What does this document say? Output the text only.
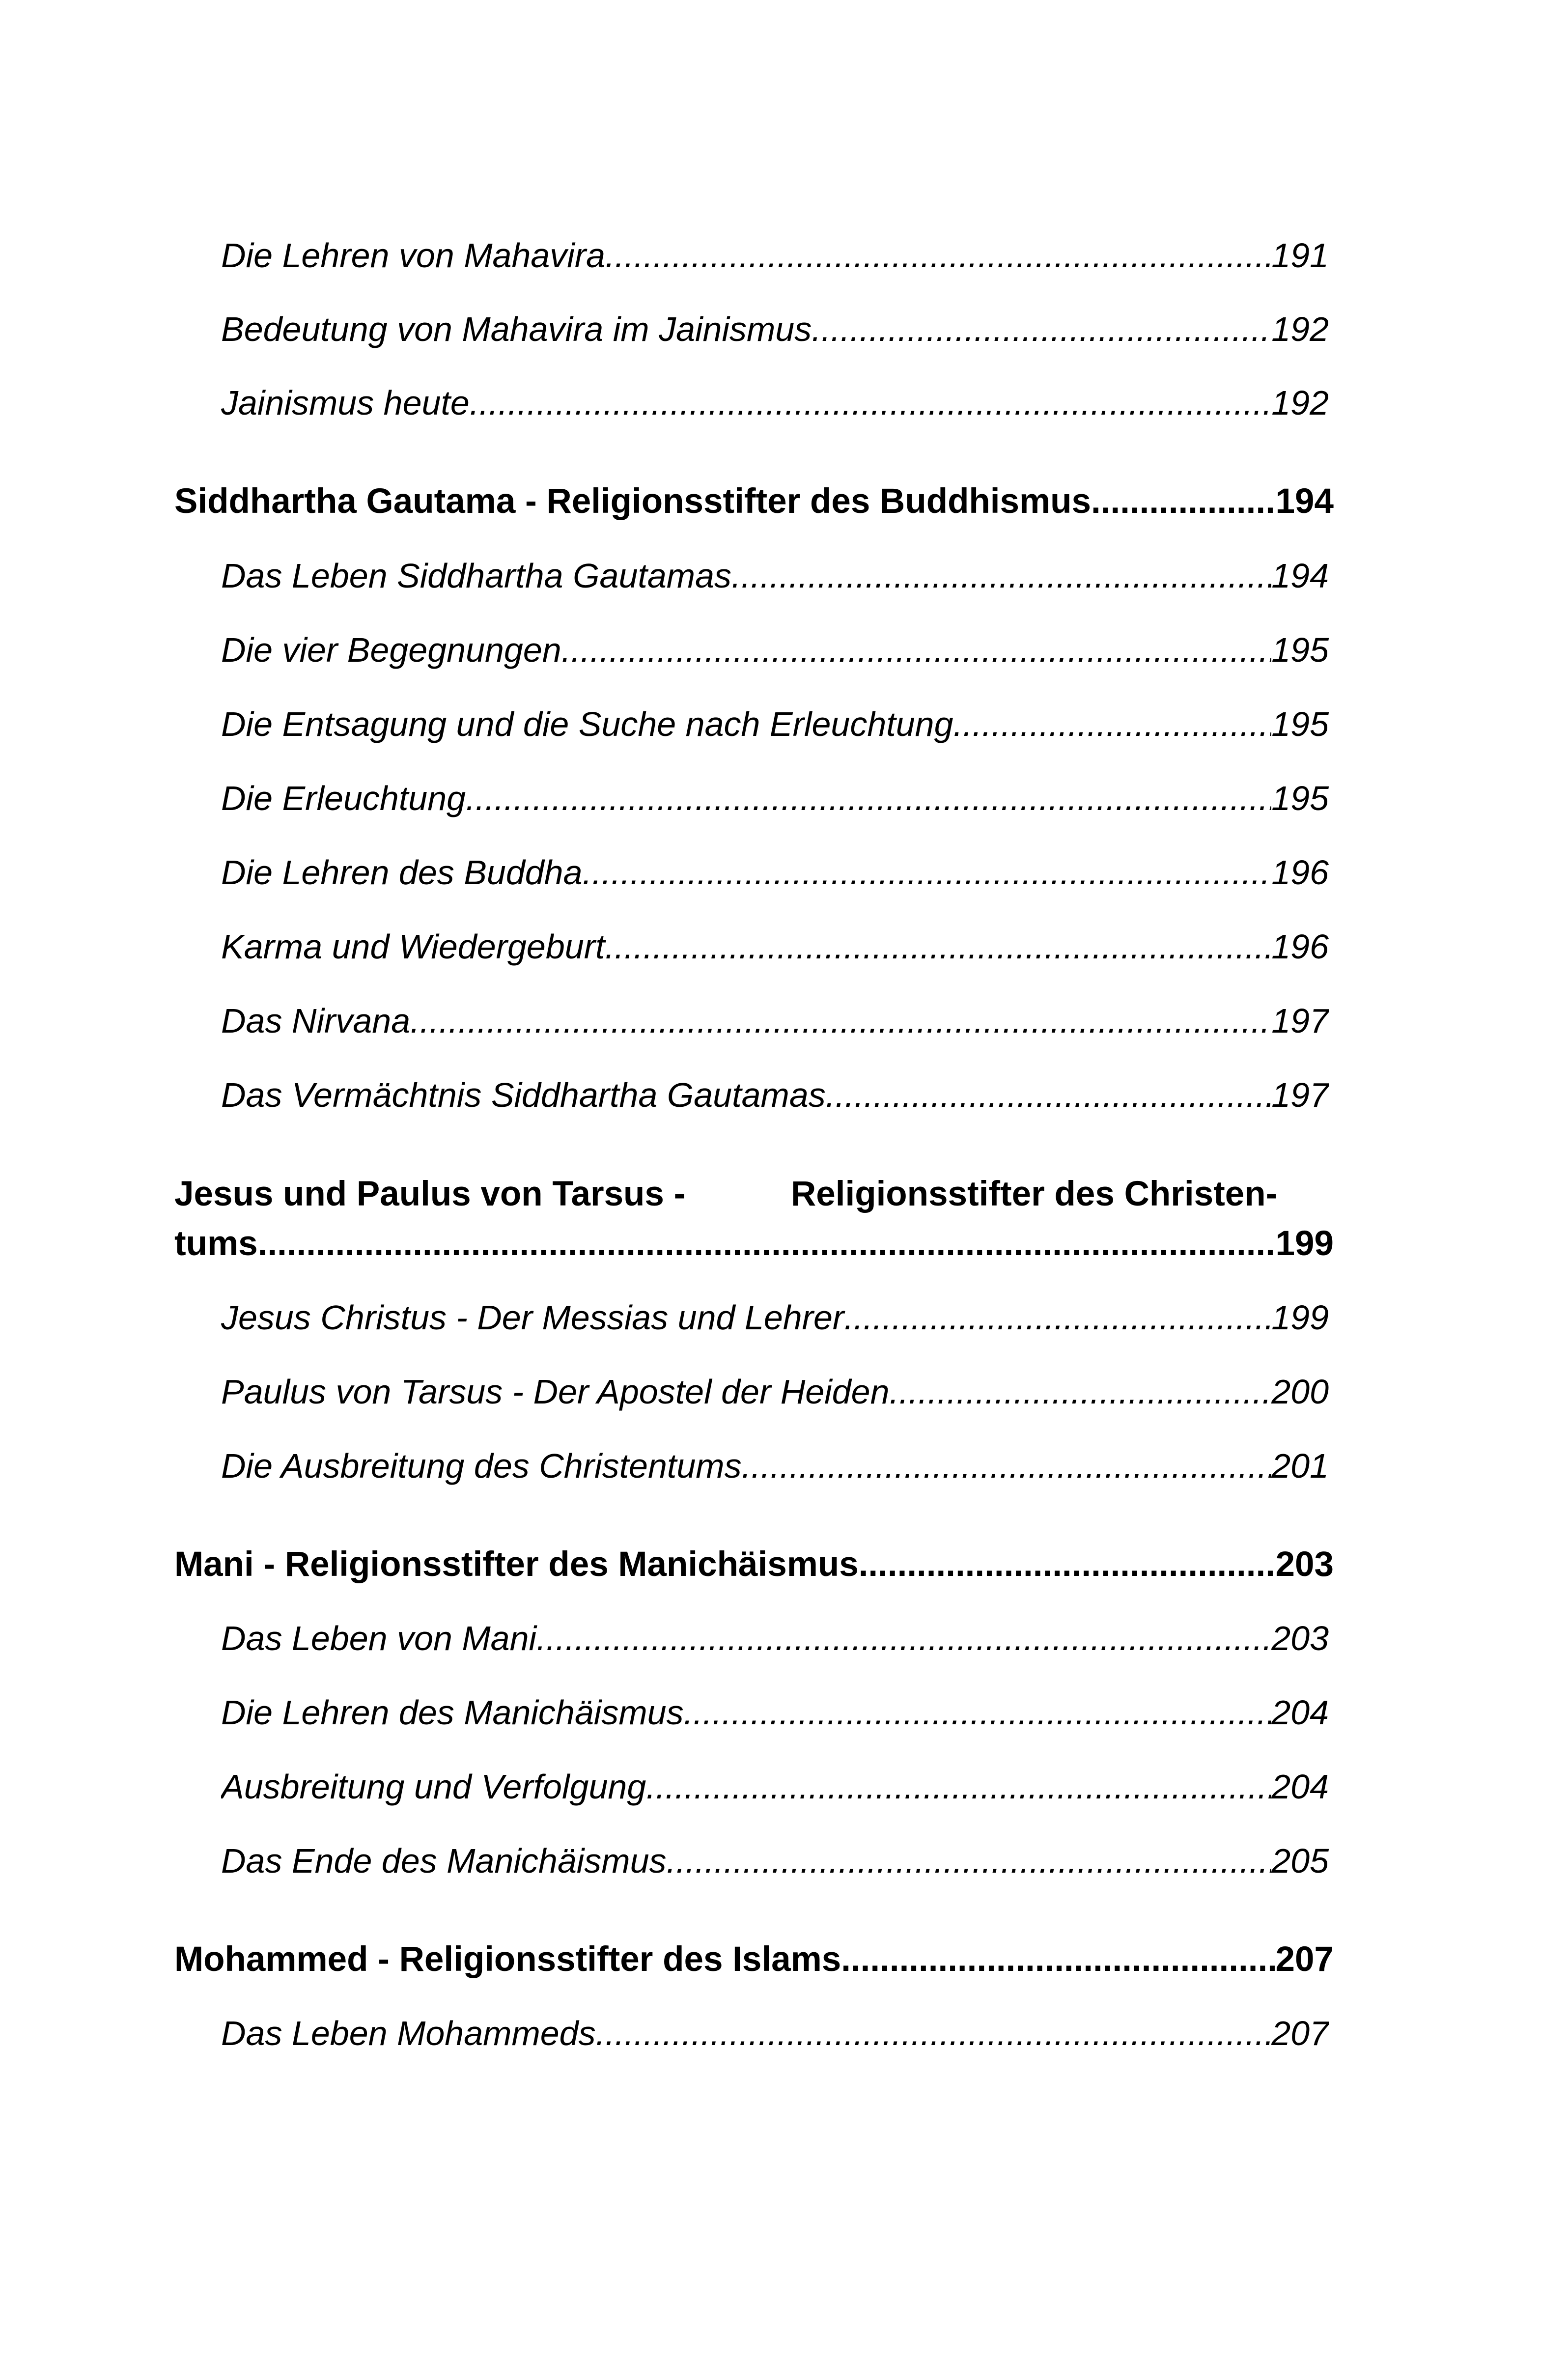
Die Lehren von Mahavira .....	191
Bedeutung von Mahavira im Jainismus .....	192
Jainismus heute .....	192
Siddhartha Gautama - Religionsstifter des Buddhismus .....	194
Das Leben Siddhartha Gautamas .....	194
Die vier Begegnungen .....	195
Die Entsagung und die Suche nach Erleuchtung .....	195
Die Erleuchtung .....	195
Die Lehren des Buddha .....	196
Karma und Wiedergeburt .....	196
Das Nirvana .....	197
Das Vermächtnis Siddhartha Gautamas .....	197
Jesus und Paulus von Tarsus -	Religionsstifter des Christen-
tums .....	199
Jesus Christus - Der Messias und Lehrer .....	199
Paulus von Tarsus - Der Apostel der Heiden .....	200
Die Ausbreitung des Christentums .....	201
Mani - Religionsstifter des Manichäismus .....	203
Das Leben von Mani .....	203
Die Lehren des Manichäismus .....	204
Ausbreitung und Verfolgung .....	204
Das Ende des Manichäismus .....	205
Mohammed - Religionsstifter des Islams .....	207
Das Leben Mohammeds .....	207
